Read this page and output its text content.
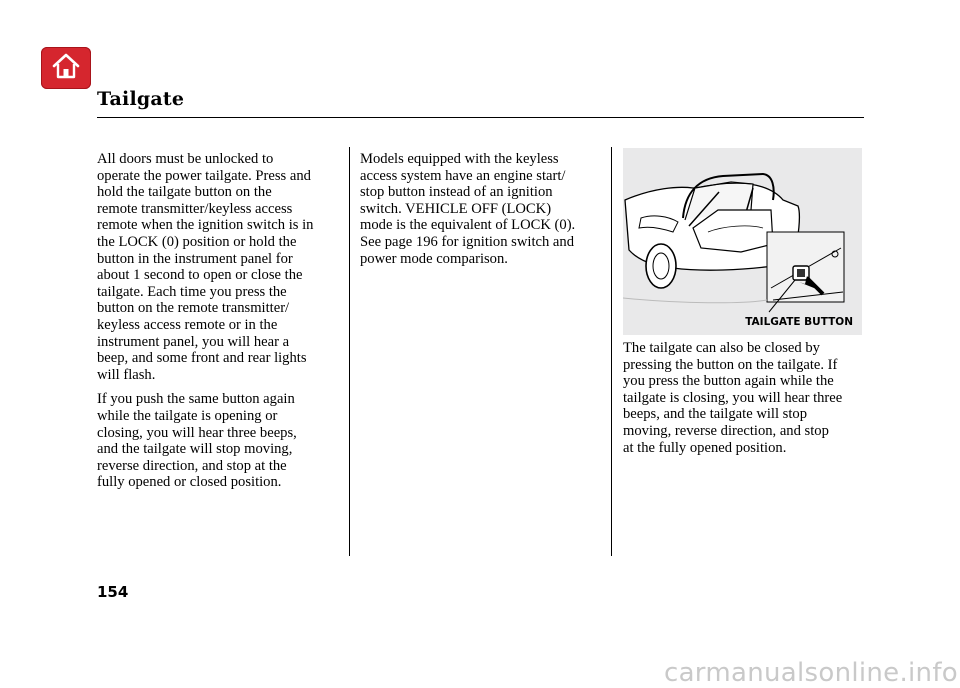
Tailgate

All doors must be unlocked to
operate the power tailgate. Press and
hold the tailgate button on the
remote transmitter/keyless access
remote when the ignition switch is in
the LOCK (0) position or hold the
button in the instrument panel for
about 1 second to open or close the
tailgate. Each time you press the
button on the remote transmitter/
keyless access remote or in the
instrument panel, you will hear a
beep, and some front and rear lights
will flash.

If you push the same button again
while the tailgate is opening or
closing, you will hear three beeps,
and the tailgate will stop moving,
reverse direction, and stop at the
fully opened or closed position.

Models equipped with the keyless
access system have an engine start/
stop button instead of an ignition
switch. VEHICLE OFF (LOCK)
mode is the equivalent of LOCK (0).
See page 196 for ignition switch and
power mode comparison.

TAILGATE BUTTON

The tailgate can also be closed by
pressing the button on the tailgate. If
you press the button again while the
tailgate is closing, you will hear three
beeps, and the tailgate will stop
moving, reverse direction, and stop
at the fully opened position.

154
carmanualsonline.info
